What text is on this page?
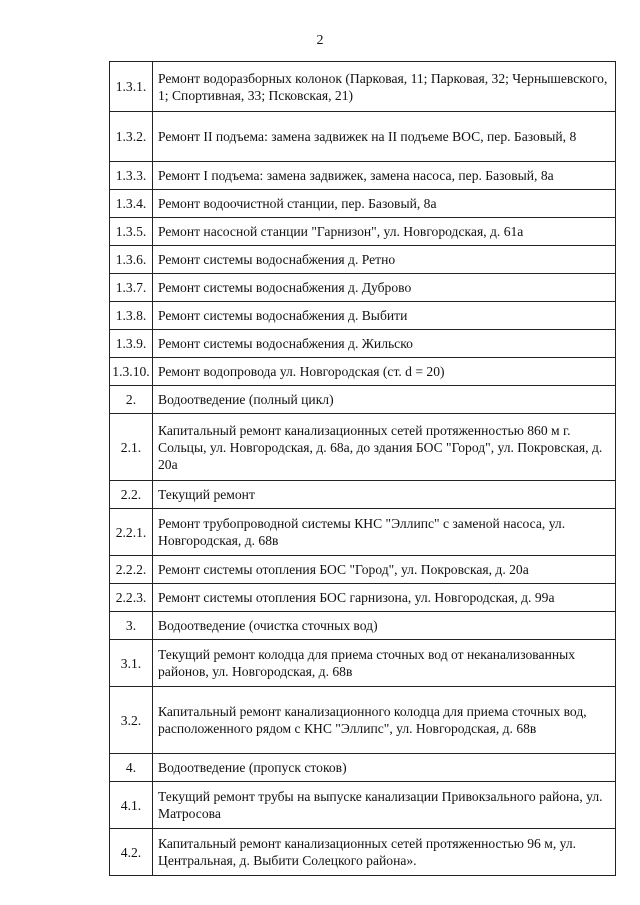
2
1.3.1.	Ремонт водоразборных колонок (Парковая, 11; Парковая, 32; Чернышевского, 1; Спортивная, 33; Псковская, 21)
1.3.2.	Ремонт II подъема: замена задвижек на II подъеме ВОС, пер. Базовый, 8
1.3.3.	Ремонт I подъема: замена задвижек, замена насоса, пер. Базовый, 8а
1.3.4.	Ремонт водоочистной станции, пер. Базовый, 8а
1.3.5.	Ремонт насосной станции "Гарнизон", ул. Новгородская, д. 61а
1.3.6.	Ремонт системы водоснабжения д. Ретно
1.3.7.	Ремонт системы водоснабжения д. Дуброво
1.3.8.	Ремонт системы водоснабжения д. Выбити
1.3.9.	Ремонт системы водоснабжения д. Жильско
1.3.10.	Ремонт водопровода ул. Новгородская (ст. d = 20)
2.	Водоотведение (полный цикл)
2.1.	Капитальный ремонт канализационных сетей протяженностью 860 м г. Сольцы, ул. Новгородская, д. 68а, до здания БОС "Город", ул. Покровская, д. 20а
2.2.	Текущий ремонт
2.2.1.	Ремонт трубопроводной системы КНС "Эллипс" с заменой насоса, ул. Новгородская, д. 68в
2.2.2.	Ремонт системы отопления БОС "Город", ул. Покровская, д. 20а
2.2.3.	Ремонт системы отопления БОС гарнизона, ул. Новгородская, д. 99а
3.	Водоотведение (очистка сточных вод)
3.1.	Текущий ремонт колодца для приема сточных вод от неканализованных районов, ул. Новгородская, д. 68в
3.2.	Капитальный ремонт канализационного колодца для приема сточных вод, расположенного рядом с КНС "Эллипс", ул. Новгородская, д. 68в
4.	Водоотведение (пропуск стоков)
4.1.	Текущий ремонт трубы на выпуске канализации Привокзального района, ул. Матросова
4.2.	Капитальный ремонт канализационных сетей протяженностью 96 м, ул. Центральная, д. Выбити Солецкого района».
